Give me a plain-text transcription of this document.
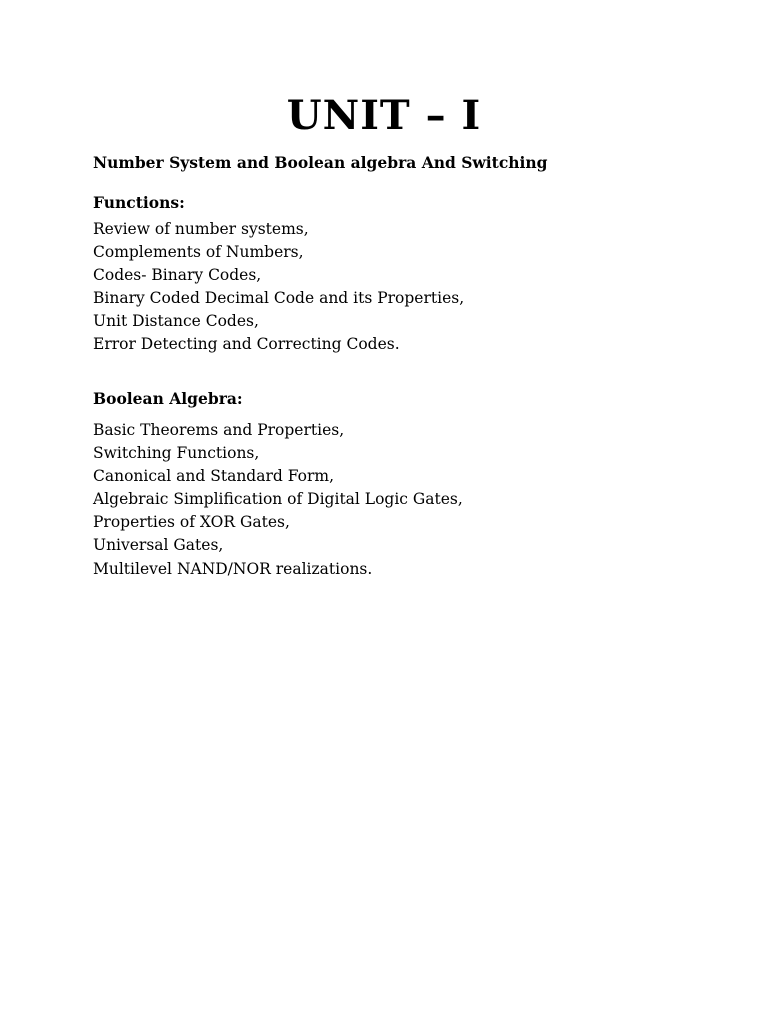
UNIT – I

Number System and Boolean algebra And Switching

Functions:

Review of number systems,
Complements of Numbers,
Codes- Binary Codes,
Binary Coded Decimal Code and its Properties,
Unit Distance Codes,
Error Detecting and Correcting Codes.

Boolean Algebra:

Basic Theorems and Properties,
Switching Functions,
Canonical and Standard Form,
Algebraic Simplification of Digital Logic Gates,
Properties of XOR Gates,
Universal Gates,
Multilevel NAND/NOR realizations.
